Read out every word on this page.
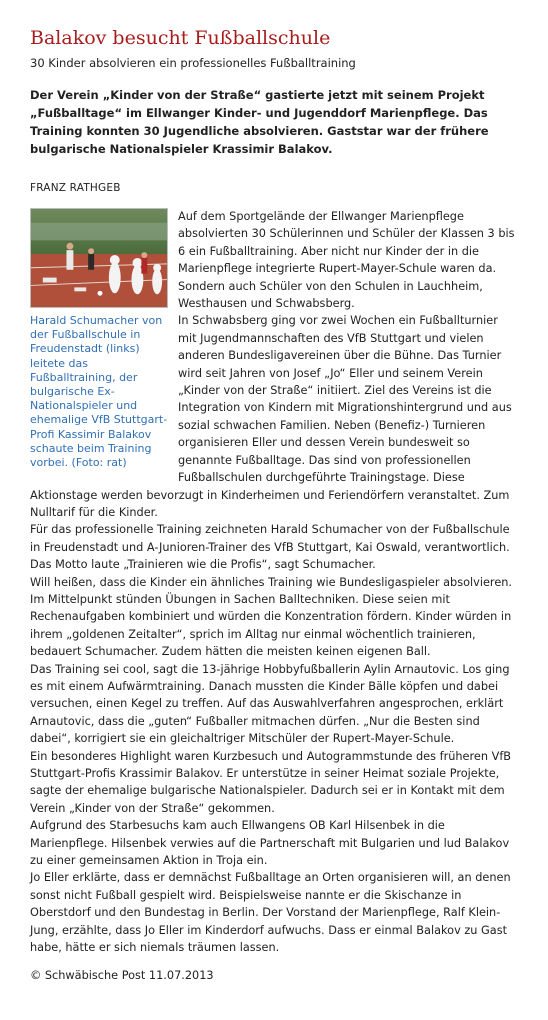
Balakov besucht Fußballschule

30 Kinder absolvieren ein professionelles Fußballtraining

Der Verein „Kinder von der Straße“ gastierte jetzt mit seinem Projekt „Fußballtage“ im Ellwanger Kinder- und Jugenddorf Marienpflege. Das Training konnten 30 Jugendliche absolvieren. Gaststar war der frühere bulgarische Nationalspieler Krassimir Balakov.

FRANZ RATHGEB

Harald Schumacher von der Fußballschule in Freudenstadt (links) leitete das Fußballtraining, der bulgarische Ex-Nationalspieler und ehemalige VfB Stuttgart-Profi Kassimir Balakov schaute beim Training vorbei. (Foto: rat)

Auf dem Sportgelände der Ellwanger Marienpflege absolvierten 30 Schülerinnen und Schüler der Klassen 3 bis 6 ein Fußballtraining. Aber nicht nur Kinder der in die Marienpflege integrierte Rupert-Mayer-Schule waren da. Sondern auch Schüler von den Schulen in Lauchheim, Westhausen und Schwabsberg.

In Schwabsberg ging vor zwei Wochen ein Fußballturnier mit Jugendmannschaften des VfB Stuttgart und vielen anderen Bundesligavereinen über die Bühne. Das Turnier wird seit Jahren von Josef „Jo“ Eller und seinem Verein „Kinder von der Straße“ initiiert. Ziel des Vereins ist die Integration von Kindern mit Migrationshintergrund und aus sozial schwachen Familien. Neben (Benefiz-) Turnieren organisieren Eller und dessen Verein bundesweit so genannte Fußballtage. Das sind von professionellen Fußballschulen durchgeführte Trainingstage. Diese Aktionstage werden bevorzugt in Kinderheimen und Feriendörfern veranstaltet. Zum Nulltarif für die Kinder.

Für das professionelle Training zeichneten Harald Schumacher von der Fußballschule in Freudenstadt und A-Junioren-Trainer des VfB Stuttgart, Kai Oswald, verantwortlich. Das Motto laute „Trainieren wie die Profis“, sagt Schumacher.

Will heißen, dass die Kinder ein ähnliches Training wie Bundesligaspieler absolvieren. Im Mittelpunkt stünden Übungen in Sachen Balltechniken. Diese seien mit Rechenaufgaben kombiniert und würden die Konzentration fördern. Kinder würden in ihrem „goldenen Zeitalter“, sprich im Alltag nur einmal wöchentlich trainieren, bedauert Schumacher. Zudem hätten die meisten keinen eigenen Ball.

Das Training sei cool, sagt die 13-jährige Hobbyfußballerin Aylin Arnautovic. Los ging es mit einem Aufwärmtraining. Danach mussten die Kinder Bälle köpfen und dabei versuchen, einen Kegel zu treffen. Auf das Auswahlverfahren angesprochen, erklärt Arnautovic, dass die „guten“ Fußballer mitmachen dürfen. „Nur die Besten sind dabei“, korrigiert sie ein gleichaltriger Mitschüler der Rupert-Mayer-Schule.

Ein besonderes Highlight waren Kurzbesuch und Autogrammstunde des früheren VfB Stuttgart-Profis Krassimir Balakov. Er unterstütze in seiner Heimat soziale Projekte, sagte der ehemalige bulgarische Nationalspieler. Dadurch sei er in Kontakt mit dem Verein „Kinder von der Straße“ gekommen.

Aufgrund des Starbesuchs kam auch Ellwangens OB Karl Hilsenbek in die Marienpflege. Hilsenbek verwies auf die Partnerschaft mit Bulgarien und lud Balakov zu einer gemeinsamen Aktion in Troja ein.

Jo Eller erklärte, dass er demnächst Fußballtage an Orten organisieren will, an denen sonst nicht Fußball gespielt wird. Beispielsweise nannte er die Skischanze in Oberstdorf und den Bundestag in Berlin. Der Vorstand der Marienpflege, Ralf Klein-Jung, erzählte, dass Jo Eller im Kinderdorf aufwuchs. Dass er einmal Balakov zu Gast habe, hätte er sich niemals träumen lassen.

© Schwäbische Post 11.07.2013
